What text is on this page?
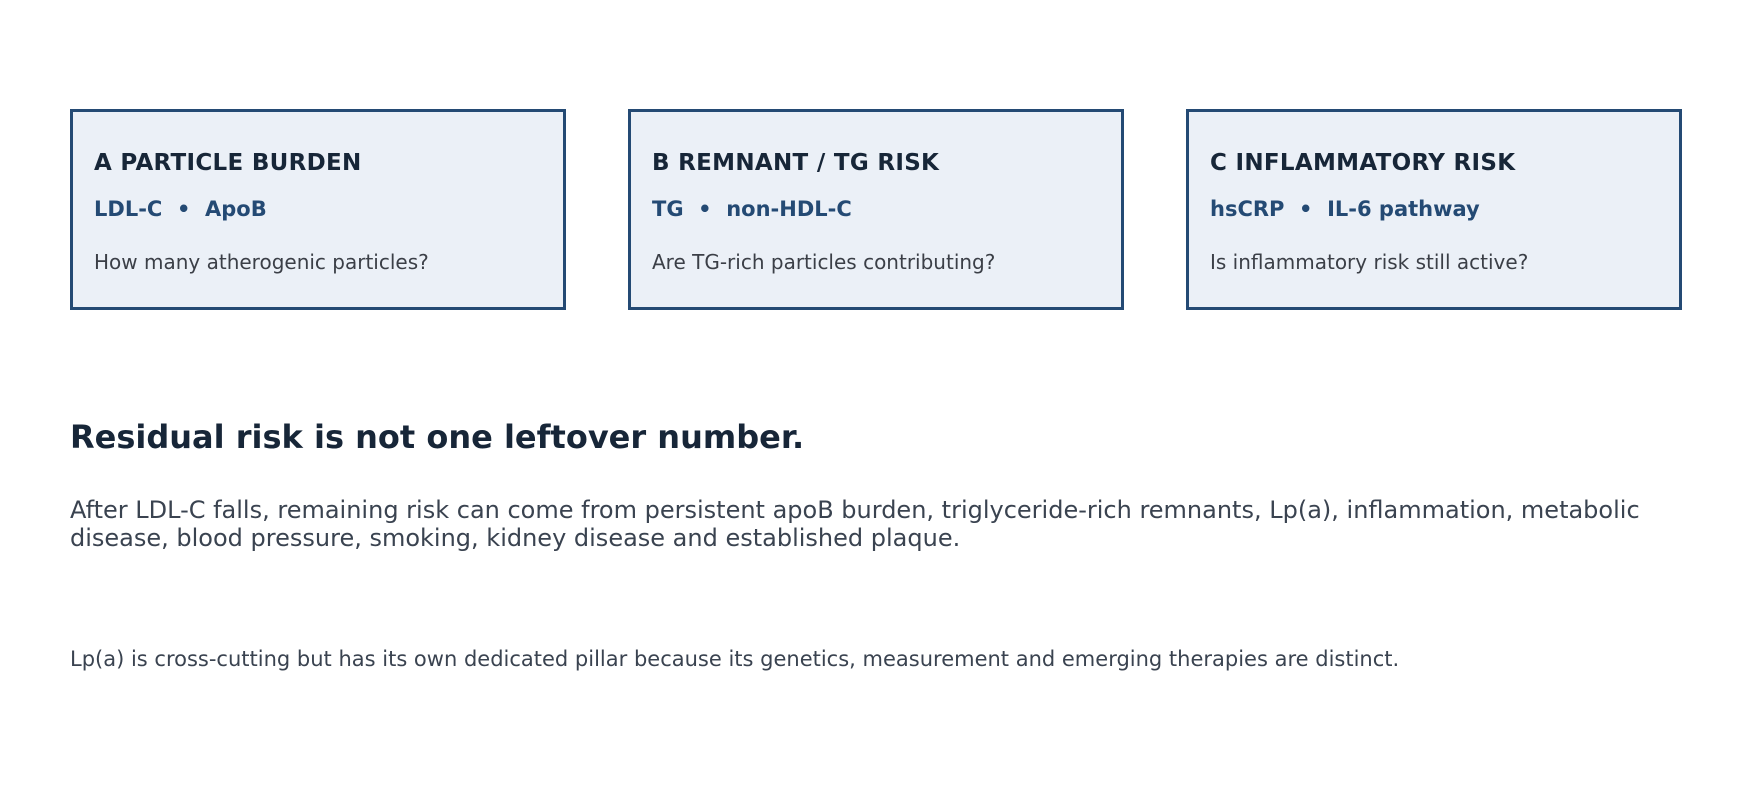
A PARTICLE BURDEN
LDL-C  •  ApoB
How many atherogenic particles?
B REMNANT / TG RISK
TG  •  non-HDL-C
Are TG-rich particles contributing?
C INFLAMMATORY RISK
hsCRP  •  IL-6 pathway
Is inflammatory risk still active?
Residual risk is not one leftover number.
After LDL-C falls, remaining risk can come from persistent apoB burden, triglyceride-rich remnants, Lp(a), inflammation, metabolic disease, blood pressure, smoking, kidney disease and established plaque.
Lp(a) is cross-cutting but has its own dedicated pillar because its genetics, measurement and emerging therapies are distinct.
